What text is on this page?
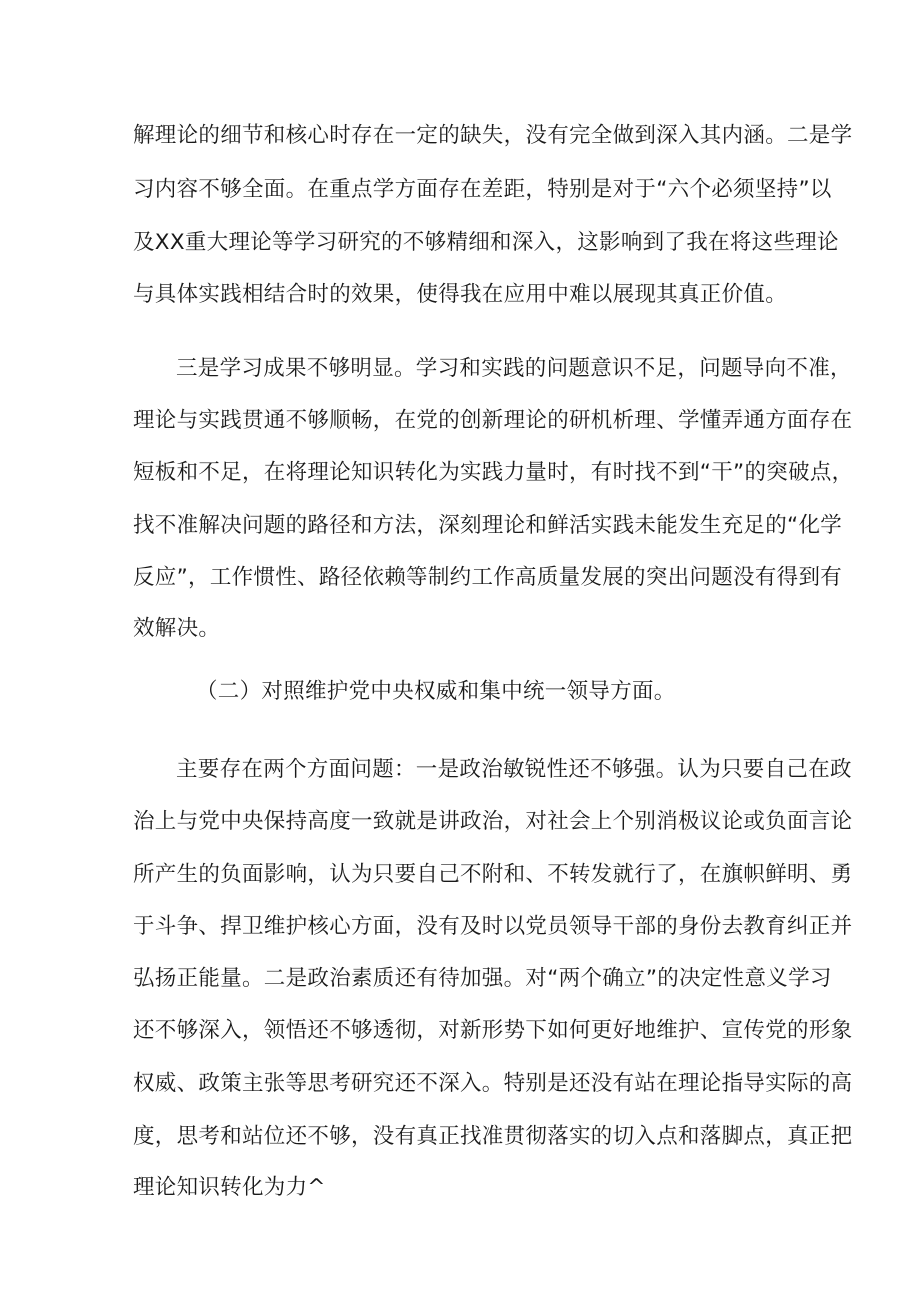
解理论的细节和核心时存在一定的缺失，没有完全做到深入其内涵。二是学
习内容不够全面。在重点学方面存在差距，特别是对于“六个必须坚持”以
及XX重大理论等学习研究的不够精细和深入，这影响到了我在将这些理论
与具体实践相结合时的效果，使得我在应用中难以展现其真正价值。
三是学习成果不够明显。学习和实践的问题意识不足，问题导向不准，
理论与实践贯通不够顺畅，在党的创新理论的研机析理、学懂弄通方面存在
短板和不足，在将理论知识转化为实践力量时，有时找不到“干”的突破点，
找不准解决问题的路径和方法，深刻理论和鲜活实践未能发生充足的“化学
反应”，工作惯性、路径依赖等制约工作高质量发展的突出问题没有得到有
效解决。
（二）对照维护党中央权威和集中统一领导方面。
主要存在两个方面问题：一是政治敏锐性还不够强。认为只要自己在政
治上与党中央保持高度一致就是讲政治，对社会上个别消极议论或负面言论
所产生的负面影响，认为只要自己不附和、不转发就行了，在旗帜鲜明、勇
于斗争、捍卫维护核心方面，没有及时以党员领导干部的身份去教育纠正并
弘扬正能量。二是政治素质还有待加强。对“两个确立”的决定性意义学习
还不够深入，领悟还不够透彻，对新形势下如何更好地维护、宣传党的形象
权威、政策主张等思考研究还不深入。特别是还没有站在理论指导实际的高
度，思考和站位还不够，没有真正找准贯彻落实的切入点和落脚点，真正把
理论知识转化为力^
